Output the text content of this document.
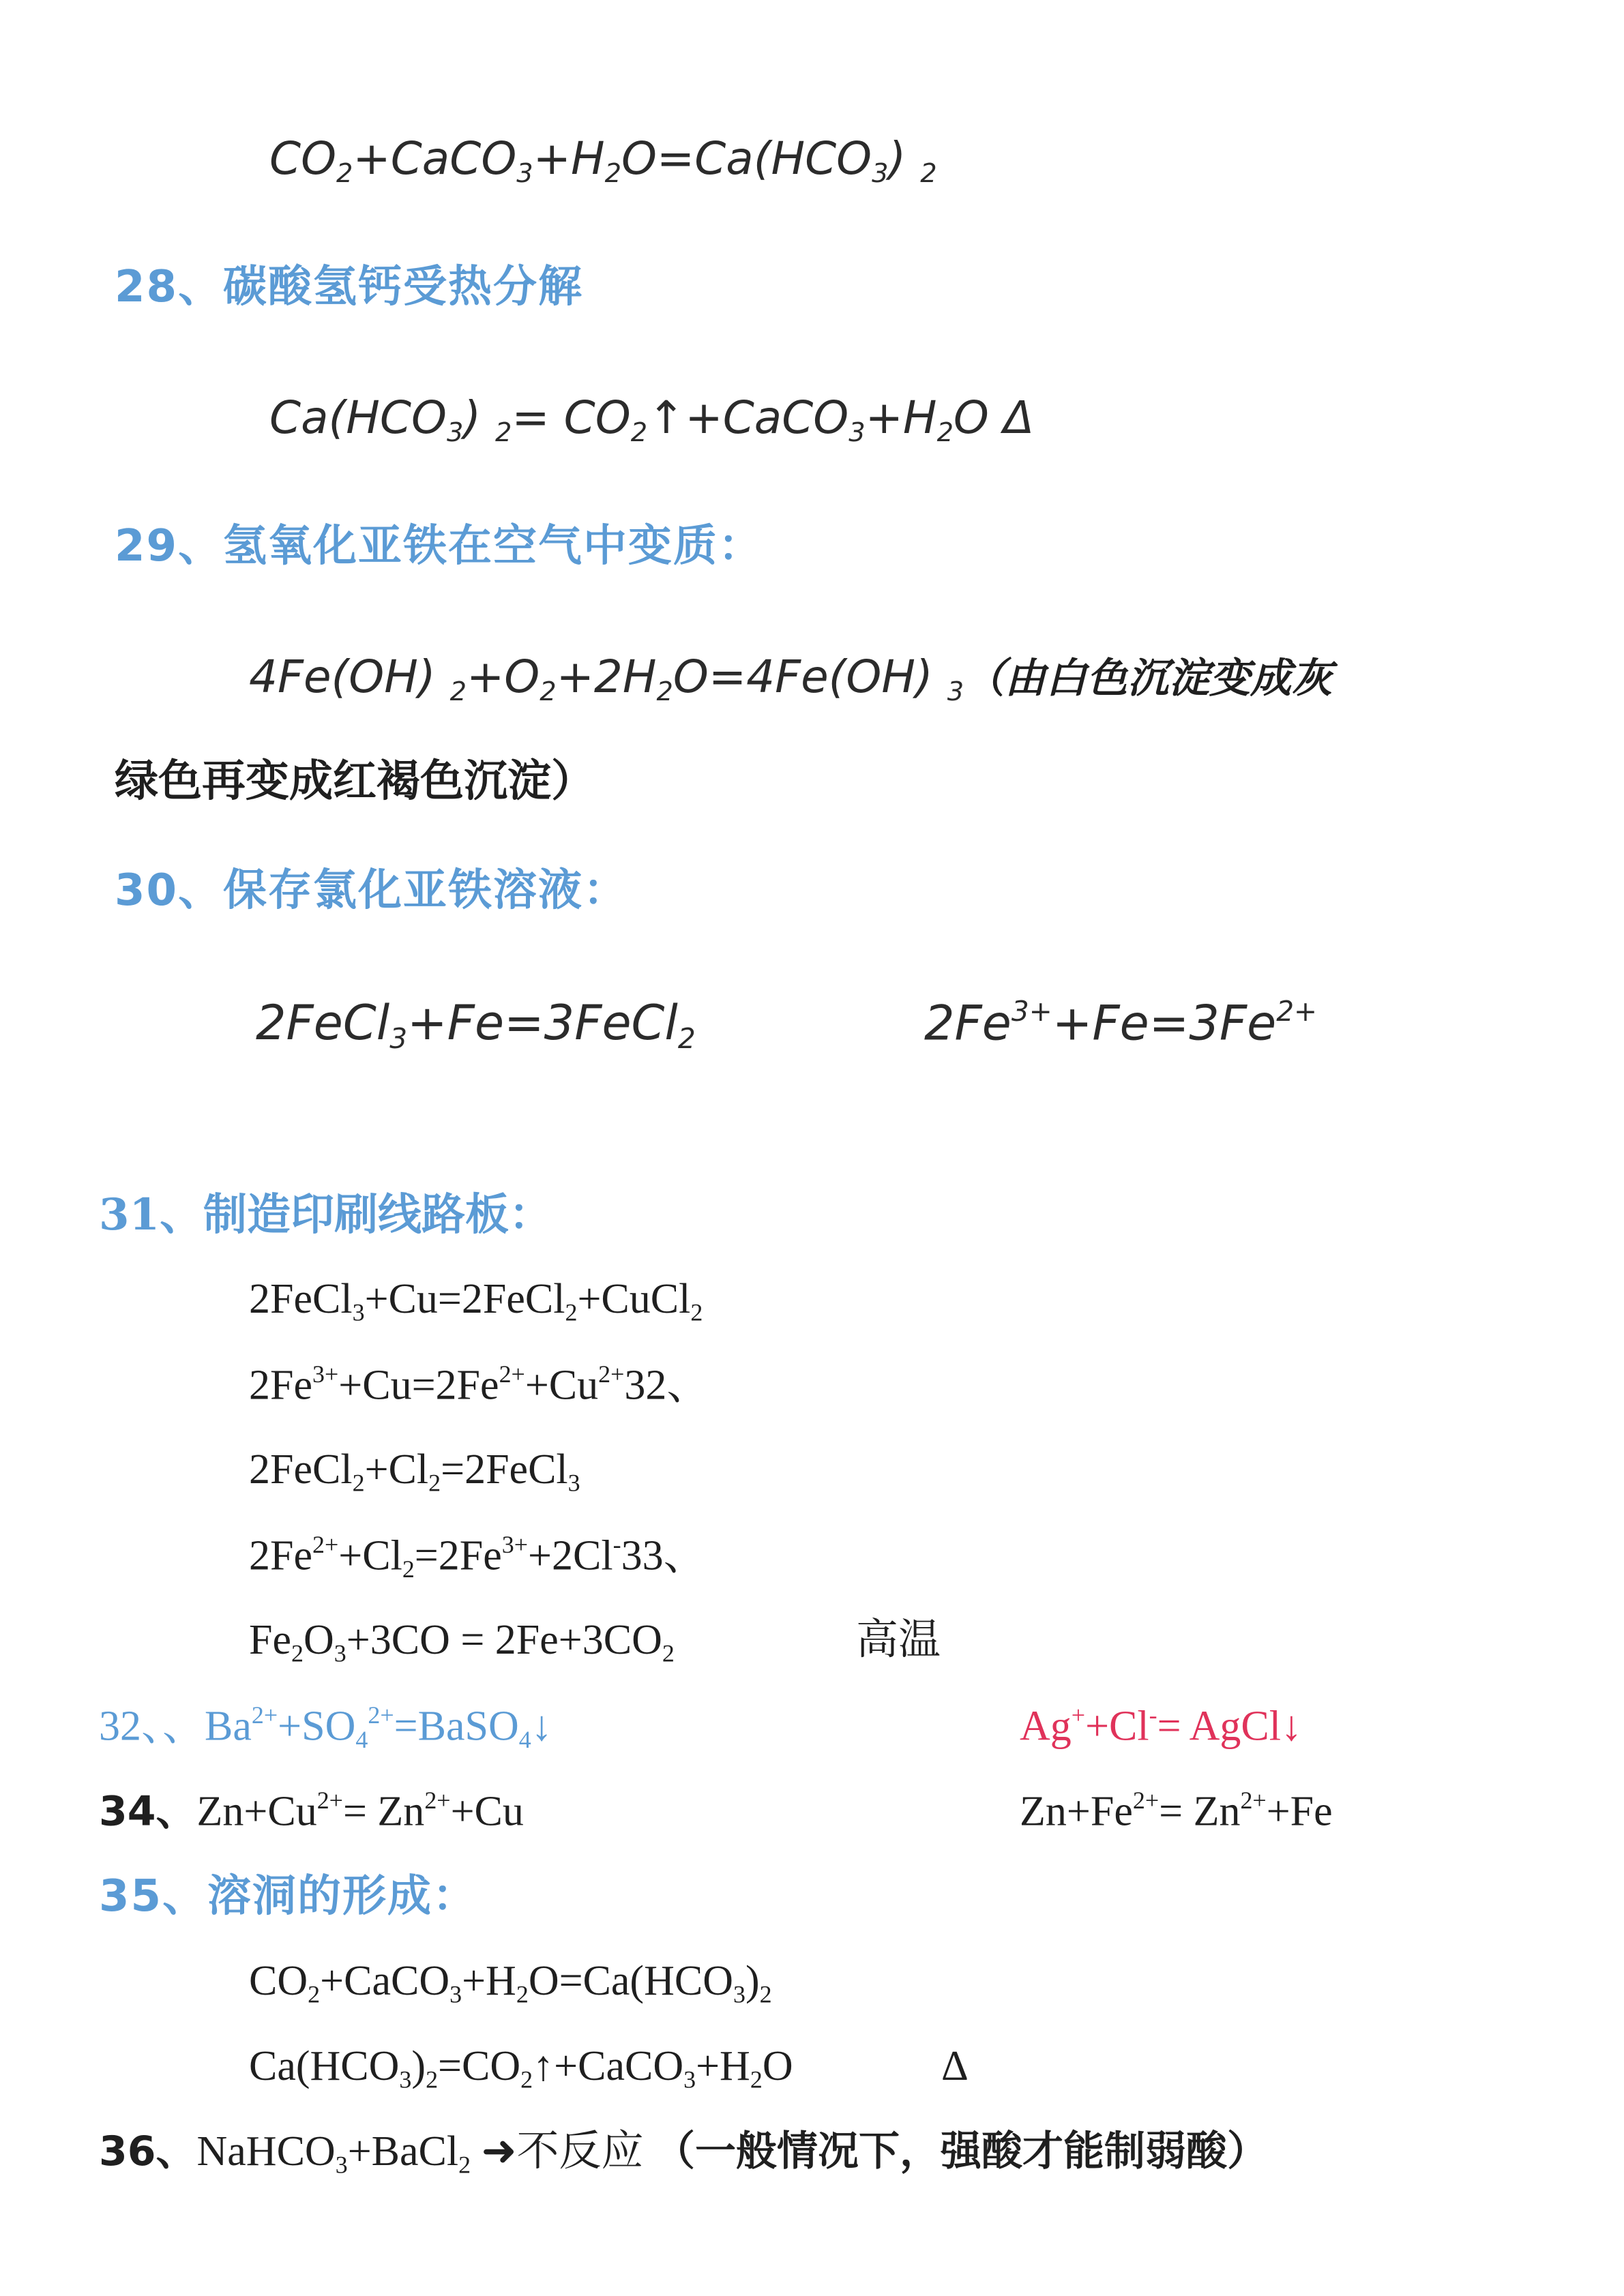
$CO_2+CaCO_3+H_2O=Ca(HCO_3)$ $_2$
28、碳酸氢钙受热分解
$Ca(HCO_3)$ $_2= CO_2↑+CaCO_3+H_2O$ Δ
29、氢氧化亚铁在空气中变质：
4Fe(OH) $_2+O_2+2H_2O=4Fe(OH)$ $_3$（由白色沉淀变成灰
绿色再变成红褐色沉淀）
30、保存氯化亚铁溶液：
2FeCl$_3$+Fe=3FeCl$_2$	$2Fe^{3+}+Fe=3Fe^{2+}$
31、制造印刷线路板：
2FeCl$_3$+Cu=2FeCl$_2$+CuCl$_2$
$2Fe^{3+}+Cu=2Fe^{2+}+Cu^{2+}32$、
$2FeCl_2+Cl_2=2FeCl_3$
$2Fe^{2+}+Cl_2=2Fe^{3+}+2Cl^-33$、
$Fe_2O_3+3CO = 2Fe+3CO_2$	高温
32、、$Ba^{2+}+SO_4^{2+}=BaSO_4↓$	Ag++Cl-= AgCl↓
34、$Zn+Cu^{2+}= Zn^{2+}+Cu$	$Zn+Fe^{2+}= Zn^{2+}+Fe$
35、溶洞的形成：
$CO_2+CaCO_3+H_2O=Ca(HCO_3)_2$
$Ca(HCO_3)_2=CO_2↑+CaCO_3+H_2O$	Δ
36、NaHCO$_3$+BaCl$_2$ ➜不反应 （一般情况下，强酸才能制弱酸）
